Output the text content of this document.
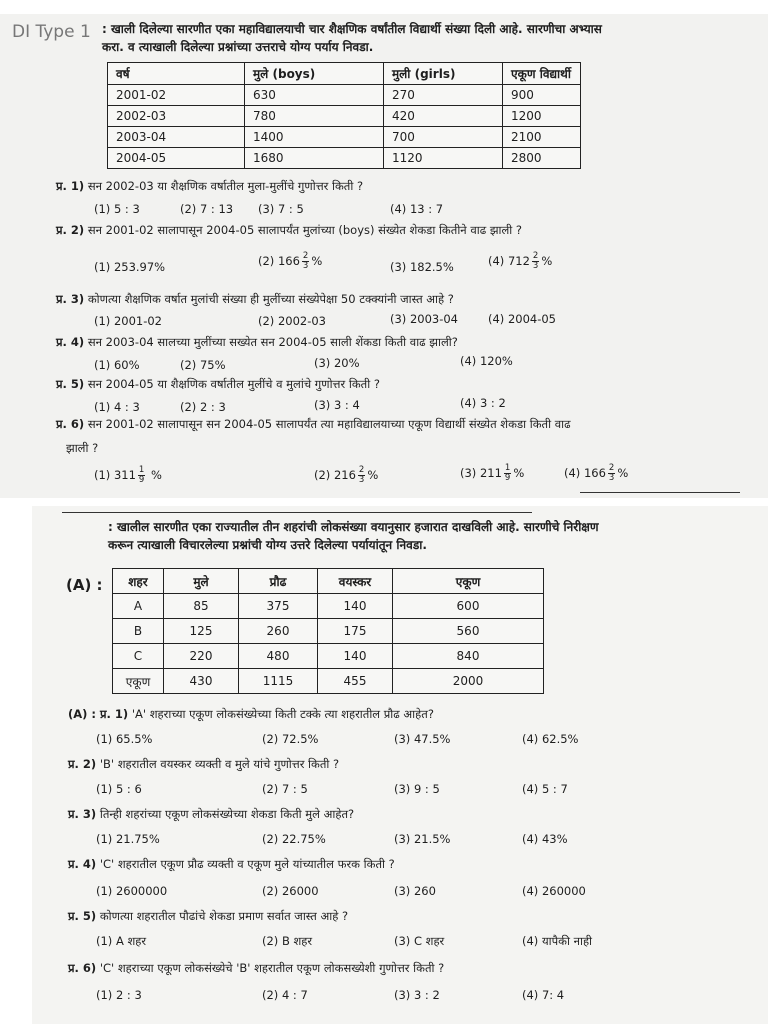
DI Type 1 : खाली दिलेल्या सारणीत एका महाविद्यालयाची चार शैक्षणिक वर्षांतील विद्यार्थी संख्या दिली आहे. सारणीचा अभ्यास
करा. व त्याखाली दिलेल्या प्रश्नांच्या उत्तराचे योग्य पर्याय निवडा.
वर्ष	मुले (boys)	मुली (girls)	एकूण विद्यार्थी
2001-02	630	270	900
2002-03	780	420	1200
2003-04	1400	700	2100
2004-05	1680	1120	2800
प्र. 1) सन 2002-03 या शैक्षणिक वर्षातील मुला-मुलींचे गुणोत्तर किती ?
(1) 5 : 3	(2) 7 : 13 (3) 7 : 5	(4) 13 : 7
प्र. 2) सन 2001-02 सालापासून 2004-05 सालापर्यंत मुलांच्या (boys) संख्येत शेकडा कितीने वाढ झाली ?
(1) 253.97%	(2) $166 \frac{2}{3}$ %	(3) 182.5%	(4) $712 \frac{2}{3}$ %
प्र. 3) कोणत्या शैक्षणिक वर्षात मुलांची संख्या ही मुलींच्या संख्येपेक्षा 50 टक्क्यांनी जास्त आहे ?
(1) 2001-02	(2) 2002-03	(3) 2003-04	(4) 2004-05
प्र. 4) सन 2003-04 सालच्या मुलींच्या सख्येत सन 2004-05 साली शेंकडा किती वाढ झाली?
(1) 60%	(2) 75%	(3) 20%	(4) 120%
प्र. 5) सन 2004-05 या शैक्षणिक वर्षातील मुलींचे व मुलांचे गुणोत्तर किती ?
(1) 4 : 3	(2) 2 : 3	(3) 3 : 4	(4) 3 : 2
प्र. 6) सन 2001-02 सालापासून सन 2004-05 सालापर्यंत त्या महाविद्यालयाच्या एकूण विद्यार्थी संख्येत शेकडा किती वाढ
झाली ?
(1) $311 \frac{1}{9}$ %	(2) $216 \frac{2}{3}$ %	(3) $211 \frac{1}{9}$ %	(4) $166 \frac{2}{3}$ %
: खालील सारणीत एका राज्यातील तीन शहरांची लोकसंख्या वयानुसार हजारात दाखविली आहे. सारणीचे निरीक्षण
करून त्याखाली विचारलेल्या प्रश्नांची योग्य उत्तरे दिलेल्या पर्यायांतून निवडा.
(A) : शहर	मुले	प्रौढ	वयस्कर	एकूण
A	85	375	140	600
B	125	260	175	560
C	220	480	140	840
एकूण	430	1115	455	2000
(A) : प्र. 1) 'A' शहराच्या एकूण लोकसंख्येच्या किती टक्के त्या शहरातील प्रौढ आहेत?
(1) 65.5%	(2) 72.5%	(3) 47.5%	(4) 62.5%
प्र. 2) 'B' शहरातील वयस्कर व्यक्ती व मुले यांचे गुणोत्तर किती ?
(1) 5 : 6	(2) 7 : 5	(3) 9 : 5	(4) 5 : 7
प्र. 3) तिन्ही शहरांच्या एकूण लोकसंख्येच्या शेकडा किती मुले आहेत?
(1) 21.75%	(2) 22.75%	(3) 21.5%	(4) 43%
प्र. 4) 'C' शहरातील एकूण प्रौढ व्यक्ती व एकूण मुले यांच्यातील फरक किती ?
(1) 2600000	(2) 26000	(3) 260	(4) 260000
प्र. 5) कोणत्या शहरातील पौढांचे शेकडा प्रमाण सर्वात जास्त आहे ?
(1) A शहर	(2) B शहर	(3) C शहर	(4) यापैकी नाही
प्र. 6) 'C' शहराच्या एकूण लोकसंख्येचे 'B' शहरातील एकूण लोकसख्येशी गुणोत्तर किती ?
(1) 2 : 3	(2) 4 : 7	(3) 3 : 2	(4) 7: 4
